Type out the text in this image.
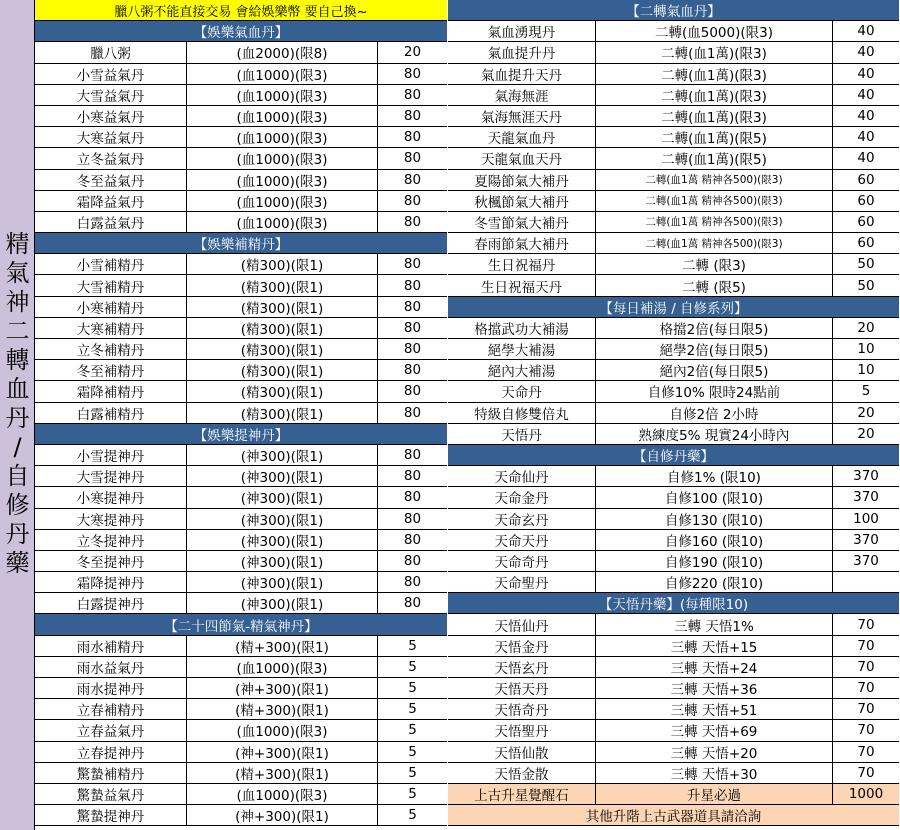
精
氣
神
二
轉
血
丹
/
自
修
丹
藥
臘八粥不能直接交易 會給娛樂幣 要自己換~
【娛樂氣血丹】
臘八粥	(血2000)(限8)	20
小雪益氣丹	(血1000)(限3)	80
大雪益氣丹	(血1000)(限3)	80
小寒益氣丹	(血1000)(限3)	80
大寒益氣丹	(血1000)(限3)	80
立冬益氣丹	(血1000)(限3)	80
冬至益氣丹	(血1000)(限3)	80
霜降益氣丹	(血1000)(限3)	80
白露益氣丹	(血1000)(限3)	80
【娛樂補精丹】
小雪補精丹	(精300)(限1)	80
大雪補精丹	(精300)(限1)	80
小寒補精丹	(精300)(限1)	80
大寒補精丹	(精300)(限1)	80
立冬補精丹	(精300)(限1)	80
冬至補精丹	(精300)(限1)	80
霜降補精丹	(精300)(限1)	80
白露補精丹	(精300)(限1)	80
【娛樂提神丹】
小雪提神丹	(神300)(限1)	80
大雪提神丹	(神300)(限1)	80
小寒提神丹	(神300)(限1)	80
大寒提神丹	(神300)(限1)	80
立冬提神丹	(神300)(限1)	80
冬至提神丹	(神300)(限1)	80
霜降提神丹	(神300)(限1)	80
白露提神丹	(神300)(限1)	80
【二十四節氣-精氣神丹】
雨水補精丹	(精+300)(限1)	5
雨水益氣丹	(血1000)(限3)	5
雨水提神丹	(神+300)(限1)	5
立春補精丹	(精+300)(限1)	5
立春益氣丹	(血1000)(限3)	5
立春提神丹	(神+300)(限1)	5
驚蟄補精丹	(精+300)(限1)	5
驚蟄益氣丹	(血1000)(限3)	5
驚蟄提神丹	(神+300)(限1)	5
【二轉氣血丹】
氣血湧現丹	二轉(血5000)(限3)	40
氣血提升丹	二轉(血1萬)(限3)	40
氣血提升天丹	二轉(血1萬)(限3)	40
氣海無涯	二轉(血1萬)(限3)	40
氣海無涯天丹	二轉(血1萬)(限3)	40
天龍氣血丹	二轉(血1萬)(限5)	40
天龍氣血天丹	二轉(血1萬)(限5)	40
夏陽節氣大補丹	二轉(血1萬 精神各500)(限3)	60
秋楓節氣大補丹	二轉(血1萬 精神各500)(限3)	60
冬雪節氣大補丹	二轉(血1萬 精神各500)(限3)	60
春雨節氣大補丹	二轉(血1萬 精神各500)(限3)	60
生日祝福丹	二轉 (限3)	50
生日祝福天丹	二轉 (限5)	50
【每日補湯 / 自修系列】
格擋武功大補湯	格擋2倍(每日限5)	20
絕學大補湯	絕學2倍(每日限5)	10
絕內大補湯	絕內2倍(每日限5)	10
天命丹	自修10% 限時24點前	5
特級自修雙倍丸	自修2倍 2小時	20
天悟丹	熟練度5% 現實24小時內	20
【自修丹藥】
天命仙丹	自修1% (限10)	370
天命金丹	自修100 (限10)	370
天命玄丹	自修130 (限10)	100
天命天丹	自修160 (限10)	370
天命奇丹	自修190 (限10)	370
天命聖丹	自修220 (限10)
【天悟丹藥】(每種限10)
天悟仙丹	三轉 天悟1%	70
天悟金丹	三轉 天悟+15	70
天悟玄丹	三轉 天悟+24	70
天悟天丹	三轉 天悟+36	70
天悟奇丹	三轉 天悟+51	70
天悟聖丹	三轉 天悟+69	70
天悟仙散	三轉 天悟+20	70
天悟金散	三轉 天悟+30	70
上古升星覺醒石	升星必過	1000
其他升階上古武器道具請洽詢
